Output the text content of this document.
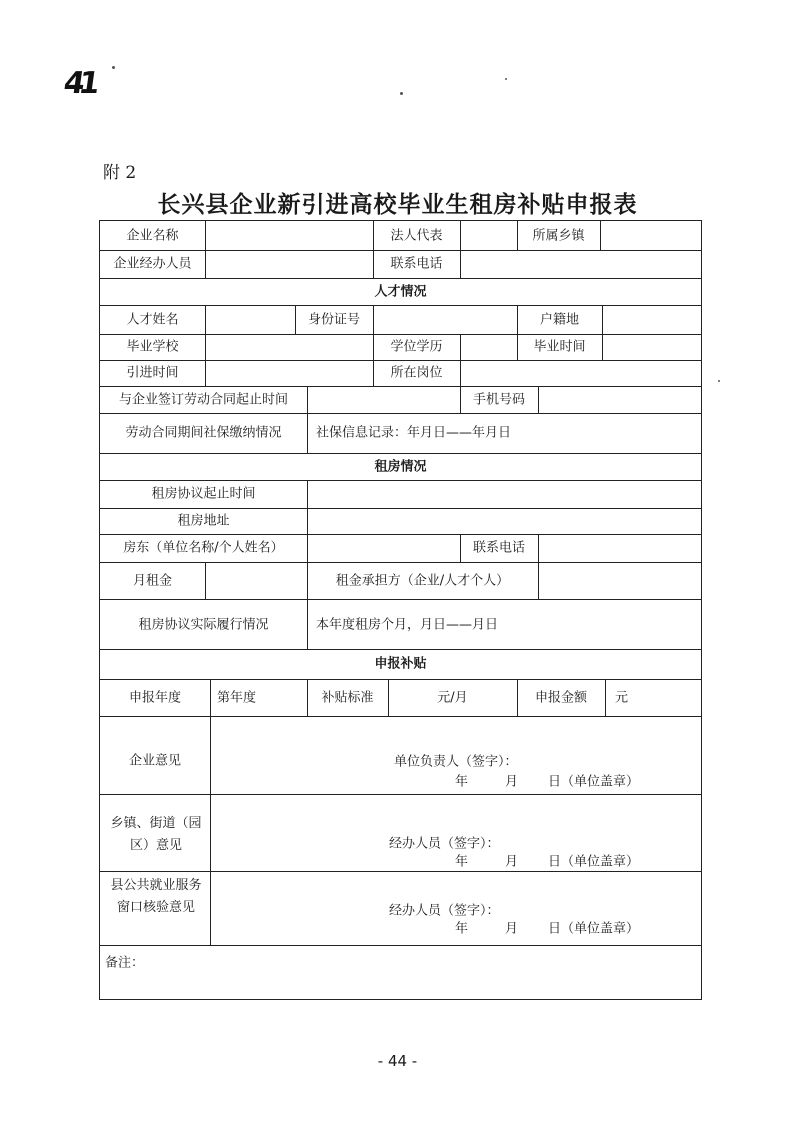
41
附 2
长兴县企业新引进高校毕业生租房补贴申报表
企业名称	法人代表	所属乡镇
企业经办人员	联系电话
人才情况
人才姓名	身份证号	户籍地
毕业学校	学位学历	毕业时间
引进时间	所在岗位
与企业签订劳动合同起止时间	手机号码
劳动合同期间社保缴纳情况	社保信息记录：年月日——年月日
租房情况
租房协议起止时间
租房地址
房东（单位名称/个人姓名）	联系电话
月租金	租金承担方（企业/人才个人）
租房协议实际履行情况	本年度租房个月，月日——月日
申报补贴
申报年度	第年度	补贴标准	元/月	申报金额	元
企业意见	单位负责人（签字）：
年	月 日（单位盖章）
乡镇、街道（园区）意见	经办人员（签字）：
年	月 日（单位盖章）
县公共就业服务窗口核验意见	经办人员（签字）：
年	月 日（单位盖章）
备注：
- 44 -
